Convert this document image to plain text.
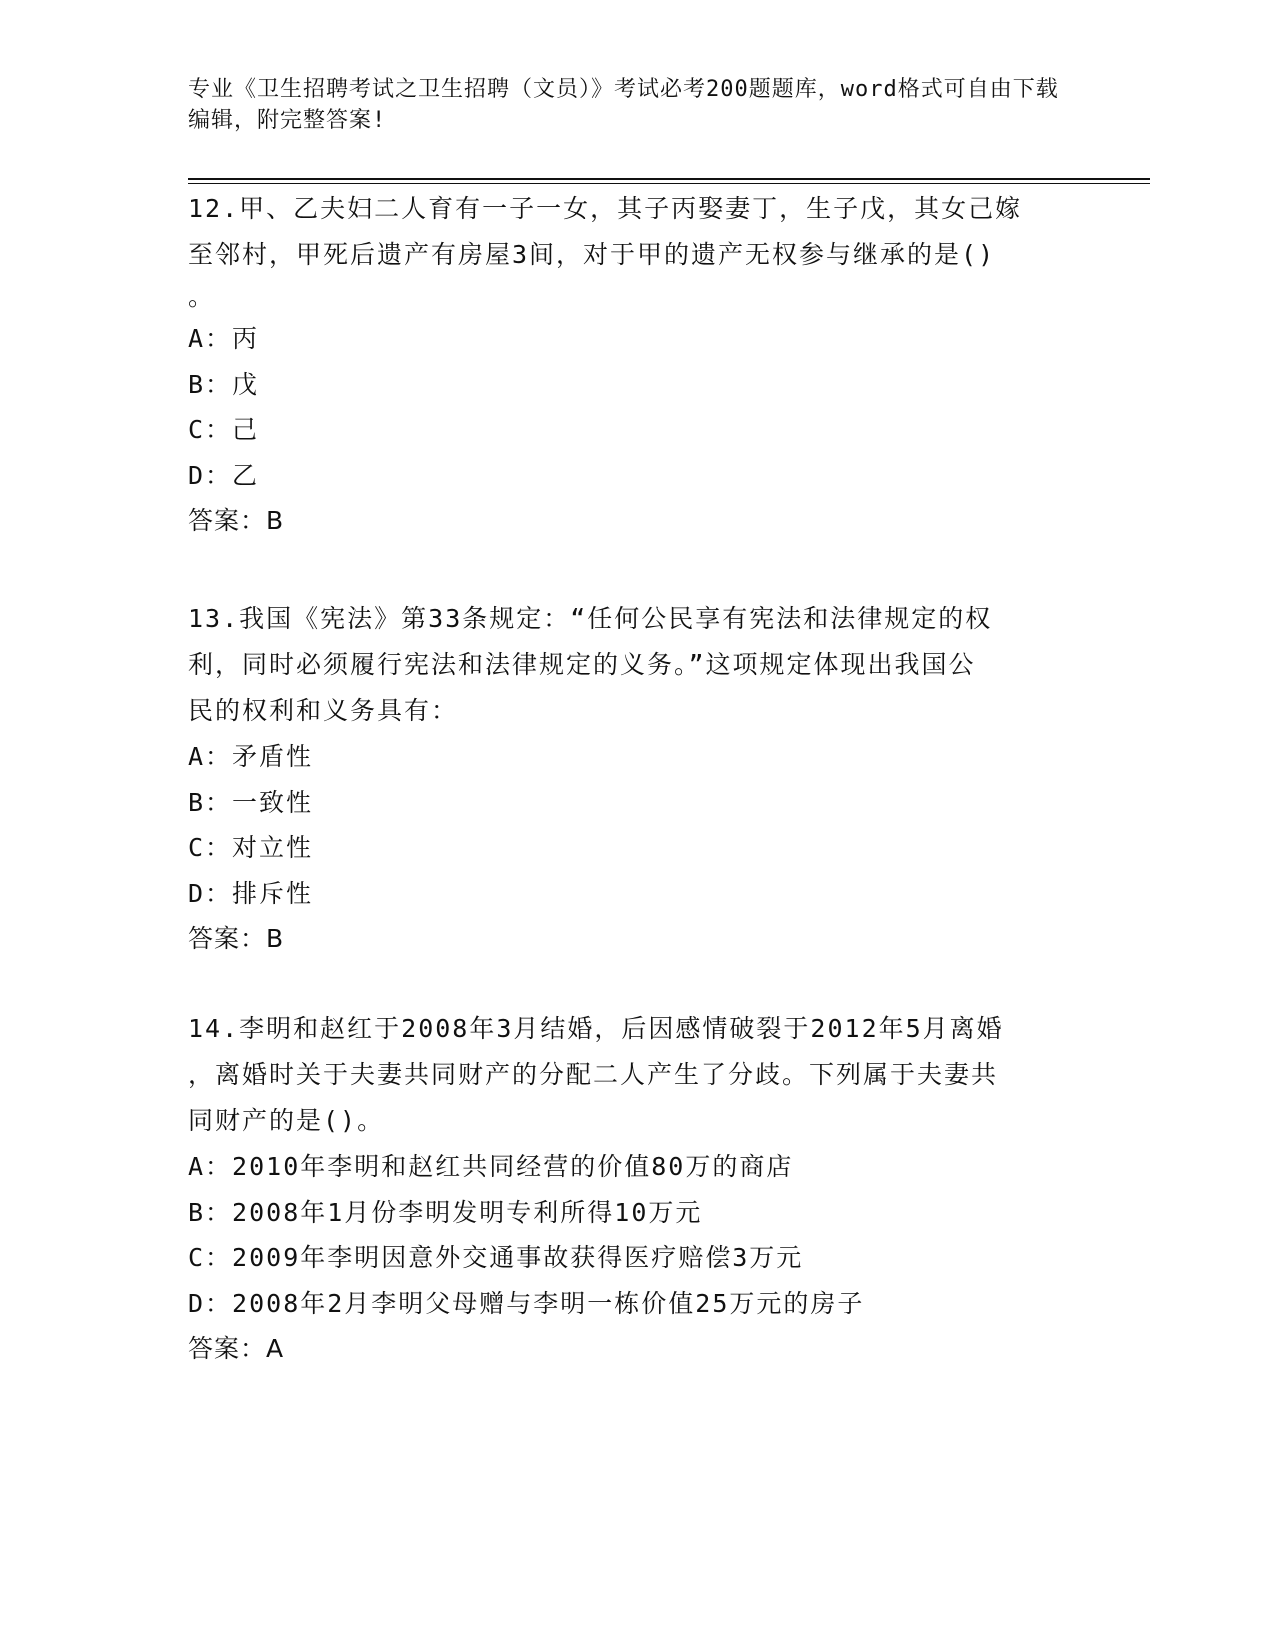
专业《卫生招聘考试之卫生招聘（文员）》考试必考200题题库，word格式可自由下载编辑，附完整答案!

12.甲、乙夫妇二人育有一子一女，其子丙娶妻丁，生子戊，其女己嫁

至邻村，甲死后遗产有房屋3间，对于甲的遗产无权参与继承的是()

。

A：丙
B：戊
C：己
D：乙

答案：B

13.我国《宪法》第33条规定：“任何公民享有宪法和法律规定的权

利，同时必须履行宪法和法律规定的义务。”这项规定体现出我国公

民的权利和义务具有：

A：矛盾性
B：一致性
C：对立性
D：排斥性

答案：B

14.李明和赵红于2008年3月结婚，后因感情破裂于2012年5月离婚

，离婚时关于夫妻共同财产的分配二人产生了分歧。下列属于夫妻共

同财产的是()。

A：2010年李明和赵红共同经营的价值80万的商店
B：2008年1月份李明发明专利所得10万元
C：2009年李明因意外交通事故获得医疗赔偿3万元
D：2008年2月李明父母赠与李明一栋价值25万元的房子

答案：A
